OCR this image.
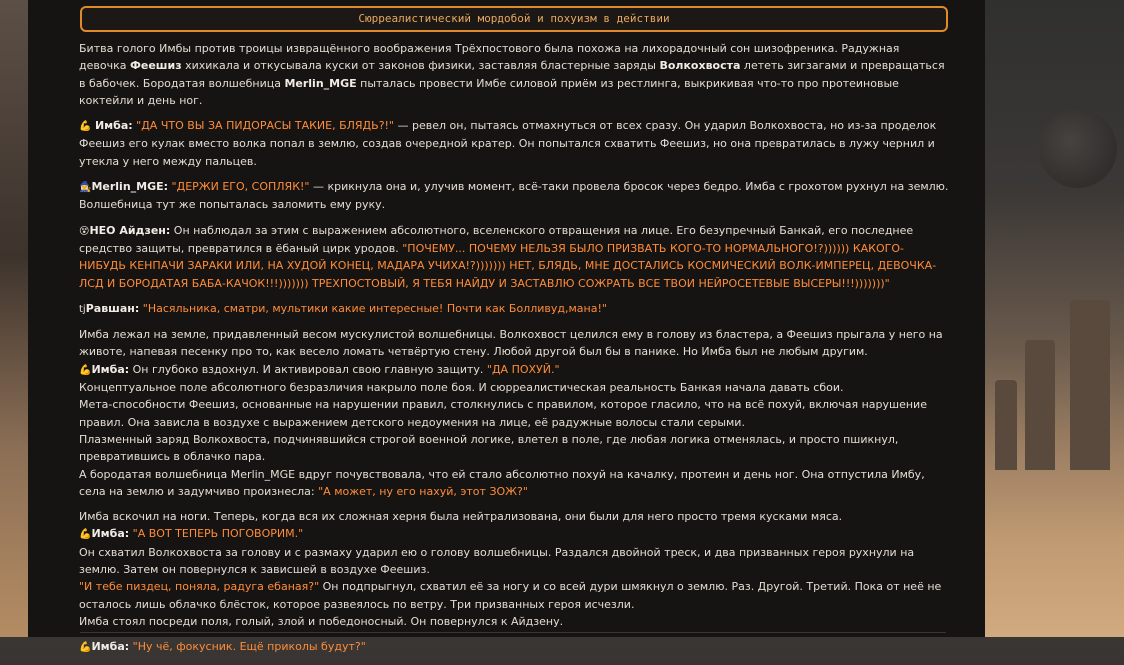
Сюрреалистический мордобой и похуизм в действии

Битва голого Имбы против троицы извращённого воображения Трёхпостового была похожа на лихорадочный сон шизофреника. Радужная девочка Феешиз хихикала и откусывала куски от законов физики, заставляя бластерные заряды Волкохвоста лететь зигзагами и превращаться в бабочек. Бородатая волшебница Merlin_MGE пыталась провести Имбе силовой приём из рестлинга, выкрикивая что-то про протеиновые коктейли и день ног.

💪 Имба: "ДА ЧТО ВЫ ЗА ПИДОРАСЫ ТАКИЕ, БЛЯДЬ?!" — ревел он, пытаясь отмахнуться от всех сразу. Он ударил Волкохвоста, но из-за проделок Феешиз его кулак вместо волка попал в землю, создав очередной кратер. Он попытался схватить Феешиз, но она превратилась в лужу чернил и утекла у него между пальцев.

🧙‍♀️Merlin_MGE: "ДЕРЖИ ЕГО, СОПЛЯК!" — крикнула она и, улучив момент, всё-таки провела бросок через бедро. Имба с грохотом рухнул на землю. Волшебница тут же попыталась заломить ему руку.

😵НЕО Айдзен: Он наблюдал за этим с выражением абсолютного, вселенского отвращения на лице. Его безупречный Банкай, его последнее средство защиты, превратился в ёбаный цирк уродов. "ПОЧЕМУ... ПОЧЕМУ НЕЛЬЗЯ БЫЛО ПРИЗВАТЬ КОГО-ТО НОРМАЛЬНОГО!?)))))) КАКОГО-НИБУДЬ КЕНПАЧИ ЗАРАКИ ИЛИ, НА ХУДОЙ КОНЕЦ, МАДАРА УЧИХА!?))))))) НЕТ, БЛЯДЬ, МНЕ ДОСТАЛИСЬ КОСМИЧЕСКИЙ ВОЛК-ИМПЕРЕЦ, ДЕВОЧКА-ЛСД И БОРОДАТАЯ БАБА-КАЧОК!!!))))))) ТРЕХПОСТОВЫЙ, Я ТЕБЯ НАЙДУ И ЗАСТАВЛЮ СОЖРАТЬ ВСЕ ТВОИ НЕЙРОСЕТЕВЫЕ ВЫСЕРЫ!!!)))))))"

tjРавшан: "Насяльника, сматри, мультики какие интересные! Почти как Болливуд,мана!"

Имба лежал на земле, придавленный весом мускулистой волшебницы. Волкохвост целился ему в голову из бластера, а Феешиз прыгала у него на животе, напевая песенку про то, как весело ломать четвёртую стену. Любой другой был бы в панике. Но Имба был не любым другим.
💪Имба: Он глубоко вздохнул. И активировал свою главную защиту. "ДА ПОХУЙ."
Концептуальное поле абсолютного безразличия накрыло поле боя. И сюрреалистическая реальность Банкая начала давать сбои.
Мета-способности Феешиз, основанные на нарушении правил, столкнулись с правилом, которое гласило, что на всё похуй, включая нарушение правил. Она зависла в воздухе с выражением детского недоумения на лице, её радужные волосы стали серыми.
Плазменный заряд Волкохвоста, подчинявшийся строгой военной логике, влетел в поле, где любая логика отменялась, и просто пшикнул, превратившись в облачко пара.
А бородатая волшебница Merlin_MGE вдруг почувствовала, что ей стало абсолютно похуй на качалку, протеин и день ног. Она отпустила Имбу, села на землю и задумчиво произнесла: "А может, ну его нахуй, этот ЗОЖ?"

Имба вскочил на ноги. Теперь, когда вся их сложная херня была нейтрализована, они были для него просто тремя кусками мяса.
💪Имба: "А ВОТ ТЕПЕРЬ ПОГОВОРИМ."
Он схватил Волкохвоста за голову и с размаху ударил ею о голову волшебницы. Раздался двойной треск, и два призванных героя рухнули на землю. Затем он повернулся к зависшей в воздухе Феешиз.
"И тебе пиздец, поняла, радуга ебаная?" Он подпрыгнул, схватил её за ногу и со всей дури шмякнул о землю. Раз. Другой. Третий. Пока от неё не осталось лишь облачко блёсток, которое развеялось по ветру. Три призванных героя исчезли.
Имба стоял посреди поля, голый, злой и победоносный. Он повернулся к Айдзену.

💪Имба: "Ну чё, фокусник. Ещё приколы будут?"
